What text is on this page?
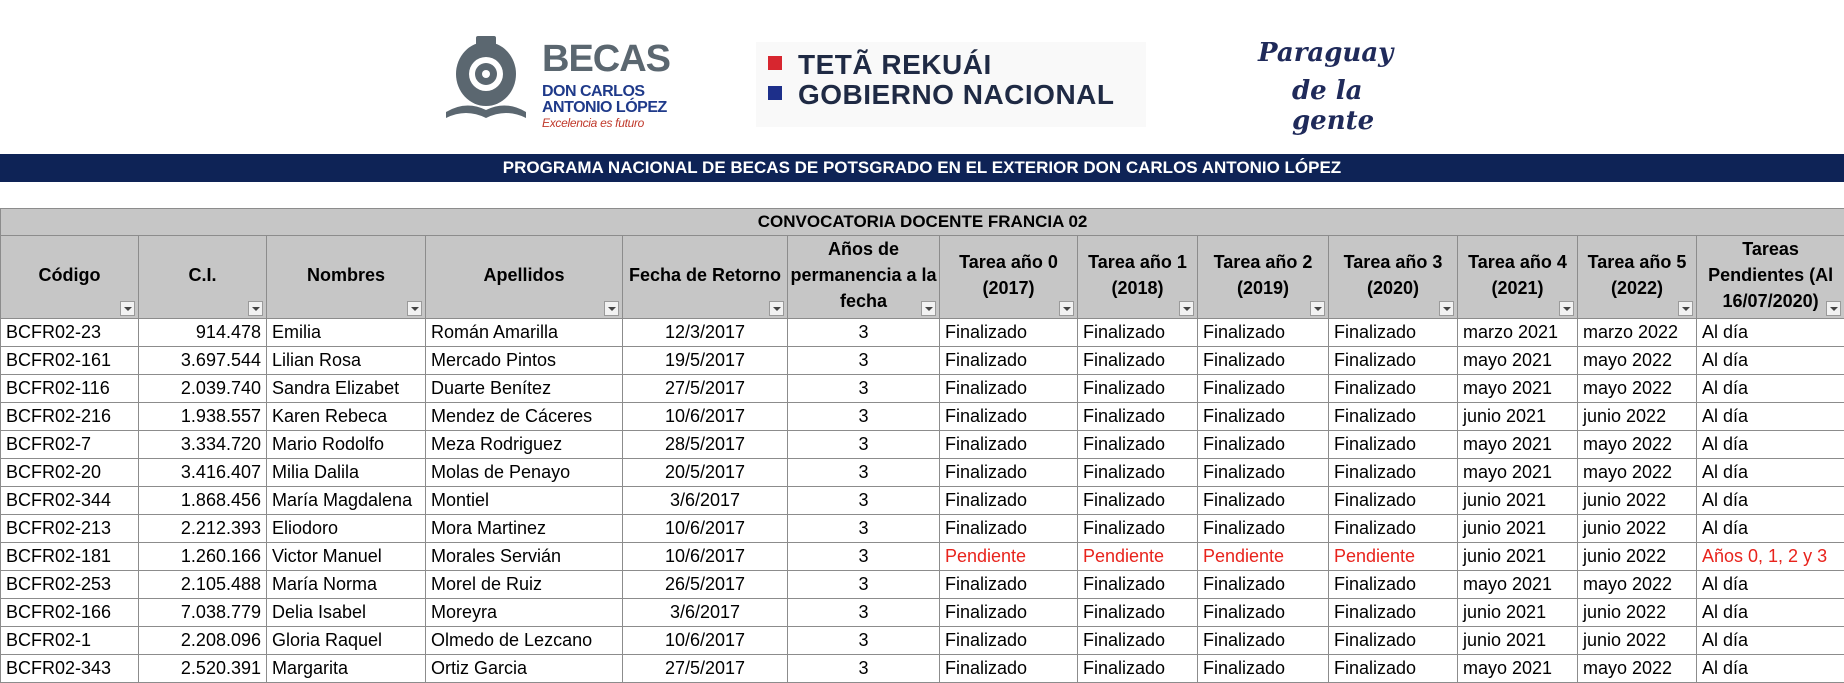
BECAS
DON CARLOS
ANTONIO LÓPEZ
Excelencia es futuro
TETÃ REKUÁI
GOBIERNO NACIONAL
Paraguay
de la gente
PROGRAMA NACIONAL DE BECAS DE POTSGRADO EN EL EXTERIOR DON CARLOS ANTONIO LÓPEZ
CONVOCATORIA DOCENTE FRANCIA 02												

Código	C.I.	Nombres	Apellidos	Fecha de Retorno	Años de permanencia a la fecha	Tarea año 0 (2017)	Tarea año 1 (2018)	Tarea año 2 (2019)	Tarea año 3 (2020)	Tarea año 4 (2021)	Tarea año 5 (2022)	Tareas Pendientes (Al 16/07/2020)

BCFR02-23	914.478	Emilia	Román Amarilla	12/3/2017	3	Finalizado	Finalizado	Finalizado	Finalizado	marzo 2021	marzo 2022	Al día
BCFR02-161	3.697.544	Lilian Rosa	Mercado Pintos	19/5/2017	3	Finalizado	Finalizado	Finalizado	Finalizado	mayo 2021	mayo 2022	Al día
BCFR02-116	2.039.740	Sandra Elizabet	Duarte Benítez	27/5/2017	3	Finalizado	Finalizado	Finalizado	Finalizado	mayo 2021	mayo 2022	Al día
BCFR02-216	1.938.557	Karen Rebeca	Mendez de Cáceres	10/6/2017	3	Finalizado	Finalizado	Finalizado	Finalizado	junio 2021	junio 2022	Al día
BCFR02-7	3.334.720	Mario Rodolfo	Meza Rodriguez	28/5/2017	3	Finalizado	Finalizado	Finalizado	Finalizado	mayo 2021	mayo 2022	Al día
BCFR02-20	3.416.407	Milia Dalila	Molas de Penayo	20/5/2017	3	Finalizado	Finalizado	Finalizado	Finalizado	mayo 2021	mayo 2022	Al día
BCFR02-344	1.868.456	María Magdalena	Montiel	3/6/2017	3	Finalizado	Finalizado	Finalizado	Finalizado	junio 2021	junio 2022	Al día
BCFR02-213	2.212.393	Eliodoro	Mora Martinez	10/6/2017	3	Finalizado	Finalizado	Finalizado	Finalizado	junio 2021	junio 2022	Al día
BCFR02-181	1.260.166	Victor Manuel	Morales Servián	10/6/2017	3	Pendiente	Pendiente	Pendiente	Pendiente	junio 2021	junio 2022	Años 0, 1, 2 y 3
BCFR02-253	2.105.488	María Norma	Morel de Ruiz	26/5/2017	3	Finalizado	Finalizado	Finalizado	Finalizado	mayo 2021	mayo 2022	Al día
BCFR02-166	7.038.779	Delia Isabel	Moreyra	3/6/2017	3	Finalizado	Finalizado	Finalizado	Finalizado	junio 2021	junio 2022	Al día
BCFR02-1	2.208.096	Gloria Raquel	Olmedo de Lezcano	10/6/2017	3	Finalizado	Finalizado	Finalizado	Finalizado	junio 2021	junio 2022	Al día
BCFR02-343	2.520.391	Margarita	Ortiz Garcia	27/5/2017	3	Finalizado	Finalizado	Finalizado	Finalizado	mayo 2021	mayo 2022	Al día
